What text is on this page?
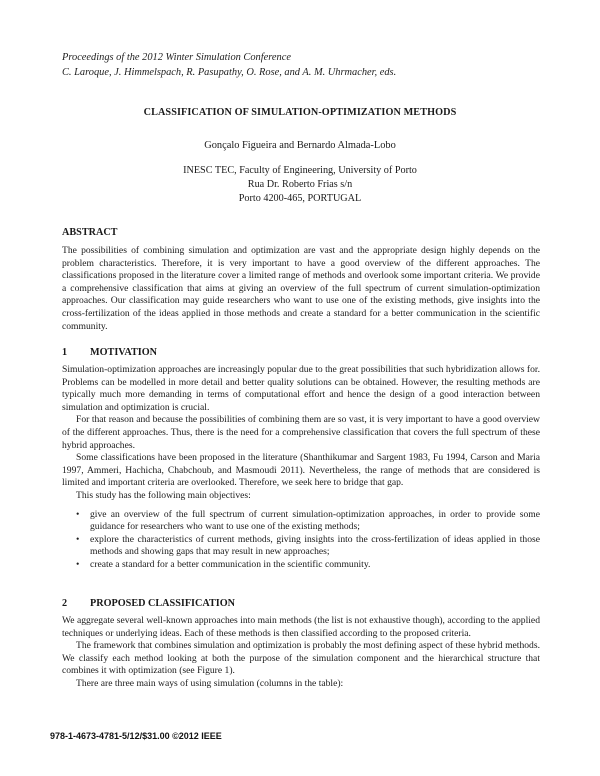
Proceedings of the 2012 Winter Simulation Conference
C. Laroque, J. Himmelspach, R. Pasupathy, O. Rose, and A. M. Uhrmacher, eds.
CLASSIFICATION OF SIMULATION-OPTIMIZATION METHODS
Gonçalo Figueira and Bernardo Almada-Lobo
INESC TEC, Faculty of Engineering, University of Porto
Rua Dr. Roberto Frias s/n
Porto 4200-465, PORTUGAL
ABSTRACT

The possibilities of combining simulation and optimization are vast and the appropriate design highly depends on the problem characteristics. Therefore, it is very important to have a good overview of the different approaches. The classifications proposed in the literature cover a limited range of methods and overlook some important criteria. We provide a comprehensive classification that aims at giving an overview of the full spectrum of current simulation-optimization approaches. Our classification may guide researchers who want to use one of the existing methods, give insights into the cross-fertilization of the ideas applied in those methods and create a standard for a better communication in the scientific community.

1 MOTIVATION

Simulation-optimization approaches are increasingly popular due to the great possibilities that such hybridization allows for. Problems can be modelled in more detail and better quality solutions can be obtained. However, the resulting methods are typically much more demanding in terms of computational effort and hence the design of a good interaction between simulation and optimization is crucial.

For that reason and because the possibilities of combining them are so vast, it is very important to have a good overview of the different approaches. Thus, there is the need for a comprehensive classification that covers the full spectrum of these hybrid approaches.

Some classifications have been proposed in the literature (Shanthikumar and Sargent 1983, Fu 1994, Carson and Maria 1997, Ammeri, Hachicha, Chabchoub, and Masmoudi 2011). Nevertheless, the range of methods that are considered is limited and important criteria are overlooked. Therefore, we seek here to bridge that gap.

This study has the following main objectives:

• give an overview of the full spectrum of current simulation-optimization approaches, in order to provide some guidance for researchers who want to use one of the existing methods;
• explore the characteristics of current methods, giving insights into the cross-fertilization of ideas applied in those methods and showing gaps that may result in new approaches;
• create a standard for a better communication in the scientific community.
2 PROPOSED CLASSIFICATION

We aggregate several well-known approaches into main methods (the list is not exhaustive though), according to the applied techniques or underlying ideas. Each of these methods is then classified according to the proposed criteria.

The framework that combines simulation and optimization is probably the most defining aspect of these hybrid methods. We classify each method looking at both the purpose of the simulation component and the hierarchical structure that combines it with optimization (see Figure 1).

There are three main ways of using simulation (columns in the table):

978-1-4673-4781-5/12/$31.00 ©2012 IEEE
